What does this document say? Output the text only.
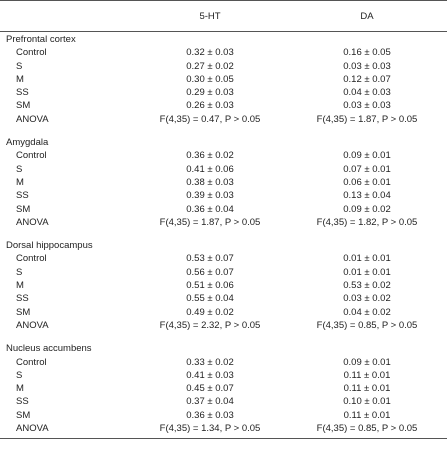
	5-HT	DA
Prefrontal cortex		
Control	0.32 ± 0.03	0.16 ± 0.05
S	0.27 ± 0.02	0.03 ± 0.03
M	0.30 ± 0.05	0.12 ± 0.07
SS	0.29 ± 0.03	0.04 ± 0.03
SM	0.26 ± 0.03	0.03 ± 0.03
ANOVA	F(4,35) = 0.47, P > 0.05	F(4,35) = 1.87, P > 0.05

Amygdala		
Control	0.36 ± 0.02	0.09 ± 0.01
S	0.41 ± 0.06	0.07 ± 0.01
M	0.38 ± 0.03	0.06 ± 0.01
SS	0.39 ± 0.03	0.13 ± 0.04
SM	0.36 ± 0.04	0.09 ± 0.02
ANOVA	F(4,35) = 1.87, P > 0.05	F(4,35) = 1.82, P > 0.05

Dorsal hippocampus		
Control	0.53 ± 0.07	0.01 ± 0.01
S	0.56 ± 0.07	0.01 ± 0.01
M	0.51 ± 0.06	0.53 ± 0.02
SS	0.55 ± 0.04	0.03 ± 0.02
SM	0.49 ± 0.02	0.04 ± 0.02
ANOVA	F(4,35) = 2.32, P > 0.05	F(4,35) = 0.85, P > 0.05

Nucleus accumbens		
Control	0.33 ± 0.02	0.09 ± 0.01
S	0.41 ± 0.03	0.11 ± 0.01
M	0.45 ± 0.07	0.11 ± 0.01
SS	0.37 ± 0.04	0.10 ± 0.01
SM	0.36 ± 0.03	0.11 ± 0.01
ANOVA	F(4,35) = 1.34, P > 0.05	F(4,35) = 0.85, P > 0.05
